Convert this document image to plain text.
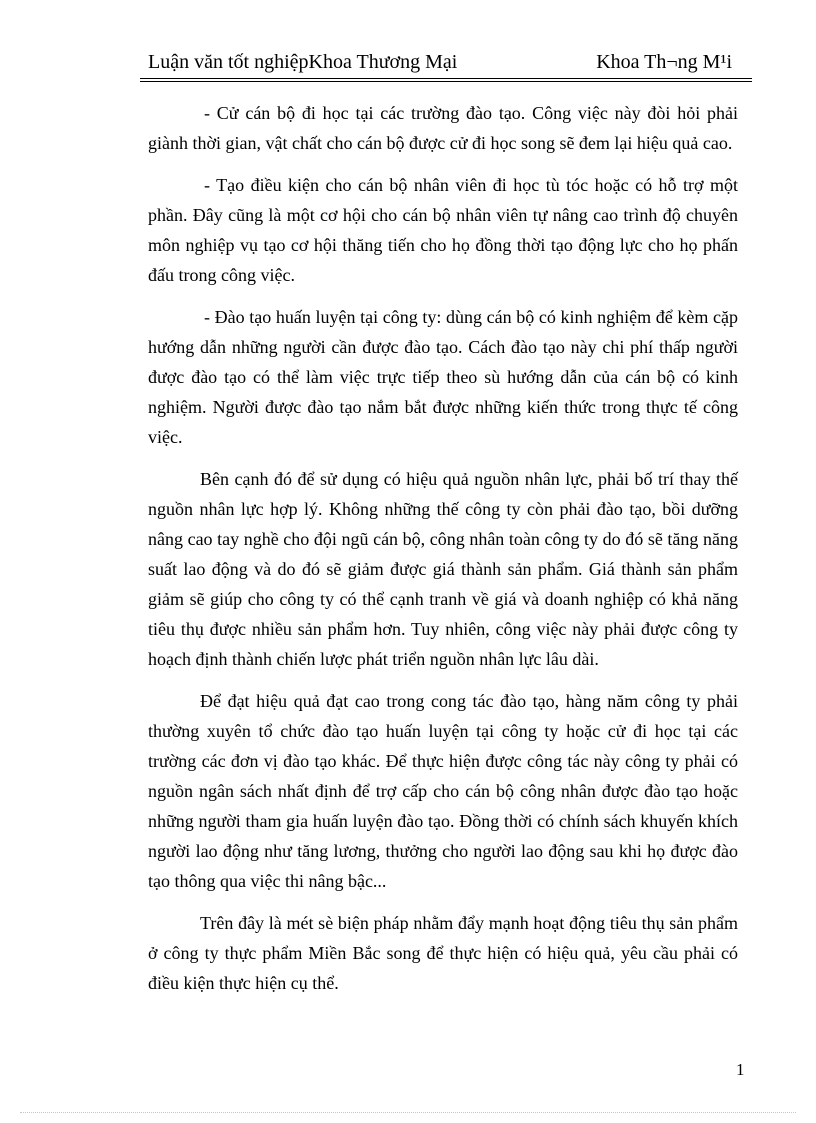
Luận văn tốt nghiệpKhoa Thương Mại	Khoa Th¬ng M¹i

- Cử cán bộ đi học tại các trường đào tạo. Công việc này đòi hỏi phải giành thời gian, vật chất cho cán bộ được cử đi học song sẽ đem lại hiệu quả cao.

- Tạo điều kiện cho cán bộ nhân viên đi học tù tóc hoặc có hỗ trợ một phần. Đây cũng là một cơ hội cho cán bộ nhân viên tự nâng cao trình độ chuyên môn nghiệp vụ tạo cơ hội thăng tiến cho họ đồng thời tạo động lực cho họ phấn đấu trong công việc.

- Đào tạo huấn luyện tại công ty: dùng cán bộ có kinh nghiệm để kèm cặp hướng dẫn những người cần được đào tạo. Cách đào tạo này chi phí thấp người được đào tạo có thể làm việc trực tiếp theo sù hướng dẫn của cán bộ có kinh nghiệm. Người được đào tạo nắm bắt được những kiến thức trong thực tế công việc.

Bên cạnh đó để sử dụng có hiệu quả nguồn nhân lực, phải bố trí thay thế nguồn nhân lực hợp lý. Không những thế công ty còn phải đào tạo, bồi dưỡng nâng cao tay nghề cho đội ngũ cán bộ, công nhân toàn công ty do đó sẽ tăng năng suất lao động và do đó sẽ giảm được giá thành sản phẩm. Giá thành sản phẩm giảm sẽ giúp cho công ty có thể cạnh tranh về giá và doanh nghiệp có khả năng tiêu thụ được nhiều sản phẩm hơn. Tuy nhiên, công việc này phải được công ty hoạch định thành chiến lược phát triển nguồn nhân lực lâu dài.

Để đạt hiệu quả đạt cao trong cong tác đào tạo, hàng năm công ty phải thường xuyên tổ chức đào tạo huấn luyện tại công ty hoặc cử đi học tại các trường các đơn vị đào tạo khác. Để thực hiện được công tác này công ty phải có nguồn ngân sách nhất định để trợ cấp cho cán bộ công nhân được đào tạo hoặc những người tham gia huấn luyện đào tạo. Đồng thời có chính sách khuyến khích người lao động như tăng lương, thưởng cho người lao động sau khi họ được đào tạo thông qua việc thi nâng bậc...

Trên đây là mét sè biện pháp nhằm đẩy mạnh hoạt động tiêu thụ sản phẩm ở công ty thực phẩm Miền Bắc song để thực hiện có hiệu quả, yêu cầu phải có điều kiện thực hiện cụ thể.

1
